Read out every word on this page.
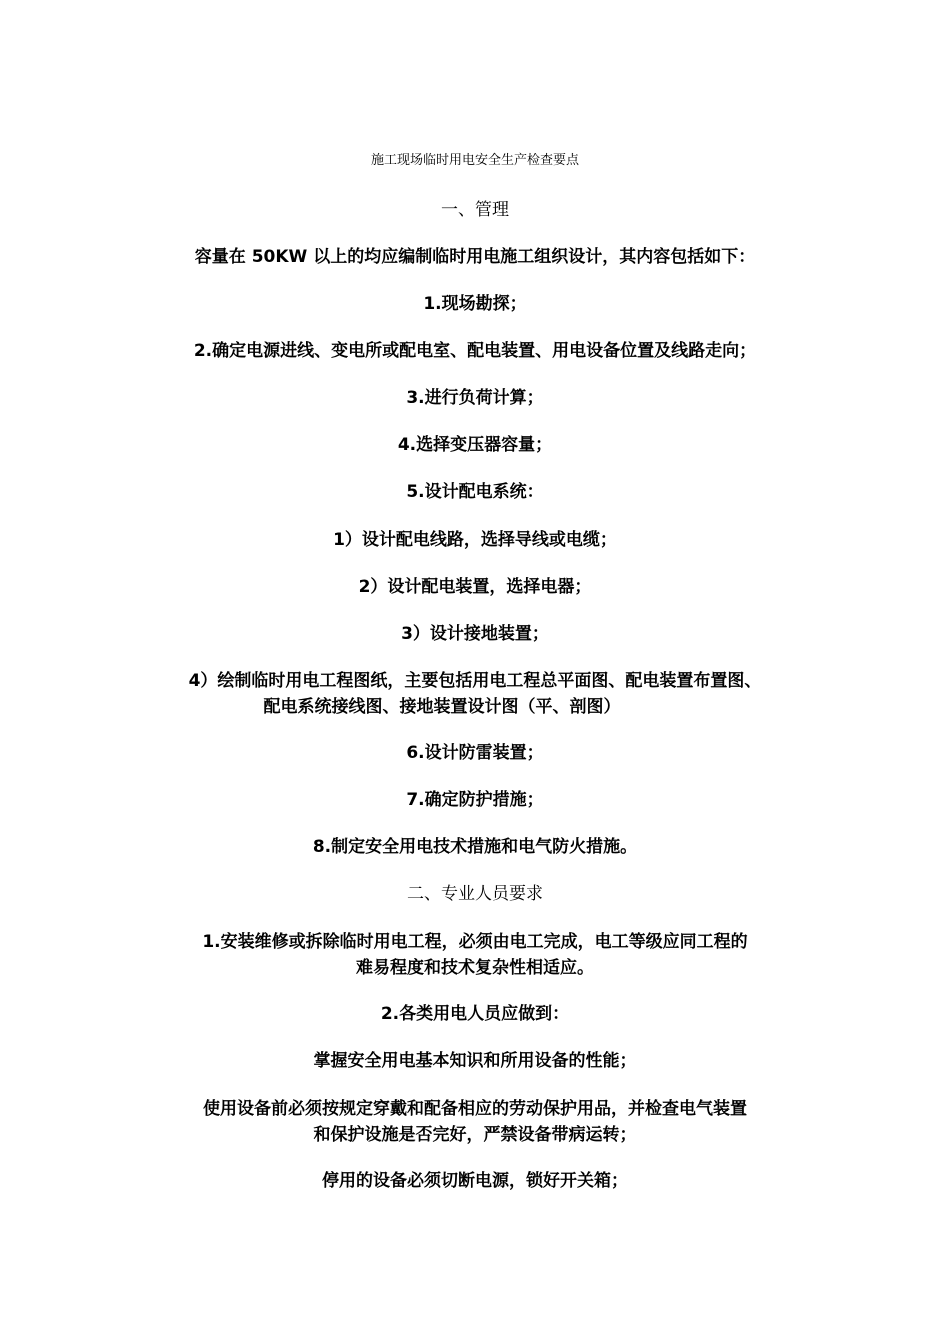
施工现场临时用电安全生产检查要点
一、管理
容量在 50KW 以上的均应编制临时用电施工组织设计，其内容包括如下：
1.现场勘探；
2.确定电源进线、变电所或配电室、配电装置、用电设备位置及线路走向；
3.进行负荷计算；
4.选择变压器容量；
5.设计配电系统：
1）设计配电线路，选择导线或电缆；
2）设计配电装置，选择电器；
3）设计接地装置；
4）绘制临时用电工程图纸，主要包括用电工程总平面图、配电装置布置图、
配电系统接线图、接地装置设计图（平、剖图）
6.设计防雷装置；
7.确定防护措施；
8.制定安全用电技术措施和电气防火措施。
二、专业人员要求
1.安装维修或拆除临时用电工程，必须由电工完成，电工等级应同工程的
难易程度和技术复杂性相适应。
2.各类用电人员应做到：
掌握安全用电基本知识和所用设备的性能；
使用设备前必须按规定穿戴和配备相应的劳动保护用品，并检查电气装置
和保护设施是否完好，严禁设备带病运转；
停用的设备必须切断电源，锁好开关箱；
